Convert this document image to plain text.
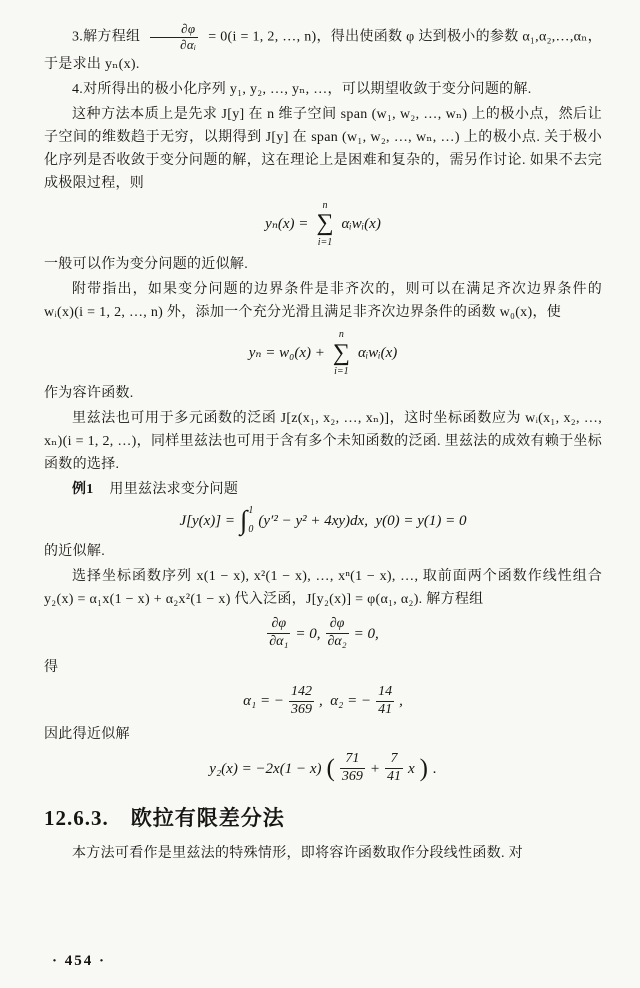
3.解方程组 $\frac{\partial\varphi}{\text{∂αᵢ}} = 0(i = 1$, 2, …, n)，得出使函数 φ 达到极小的参数 α₁,α₂,…,αₙ， 于是求出 yₙ(x).

4.对所得出的极小化序列 y₁, y₂, …, yₙ, …，可以期望收敛于变分问题的解.

这种方法本质上是先求 J[y] 在 n 维子空间 span (w₁, w₂, …, wₙ) 上的极小点，然后让子空间的维数趋于无穷，以期得到 J[y] 在 span (w₁, w₂, …, wₙ, …) 上的极小点. 关于极小化序列是否收敛于变分问题的解，这在理论上是困难和复杂的，需另作讨论. 如果不去完成极限过程，则

yₙ(x) =
n
∑
i=1
αᵢwᵢ(x)

一般可以作为变分问题的近似解.

附带指出，如果变分问题的边界条件是非齐次的，则可以在满足齐次边界条件的 wᵢ(x)(i = 1, 2, …, n) 外，添加一个充分光滑且满足非齐次边界条件的函数 w₀(x)，使

yₙ = w₀(x) +
n
∑
i=1
αᵢwᵢ(x)

作为容许函数.

里兹法也可用于多元函数的泛函 J[z(x₁, x₂, …, xₙ)]，这时坐标函数应为 wᵢ(x₁, x₂, …, xₙ)(i = 1, 2, …)，同样里兹法也可用于含有多个未知函数的泛函. 里兹法的成效有赖于坐标函数的选择.

例1 用里兹法求变分问题

J[y(x)] = ∫ 1
0
(y′² − y² + 4xy)dx,  y(0) = y(1) = 0

的近似解.

选择坐标函数序列 x(1 − x), x²(1 − x), …, xⁿ(1 − x), …, 取前面两个函数作线性组合 y₂(x) = α₁x(1 − x) + α₂x²(1 − x) 代入泛函，J[y₂(x)] = φ(α₁, α₂). 解方程组

$\frac{\partial\varphi}{\text{∂α₁}} = 0$, $\frac{\partial\varphi}{\text{∂α₂}} = 0$,

得

α₁ = − $\frac{142}{369}$ ,  α₂ = − $\frac{14}{41}$ ,

因此得近似解

y₂(x) = −2x(1 − x) ( $\frac{71}{369} + \frac{7}{41}$ x ) .
12.6.3. 欧拉有限差分法

本方法可看作是里兹法的特殊情形，即将容许函数取作分段线性函数. 对

· 454 ·
